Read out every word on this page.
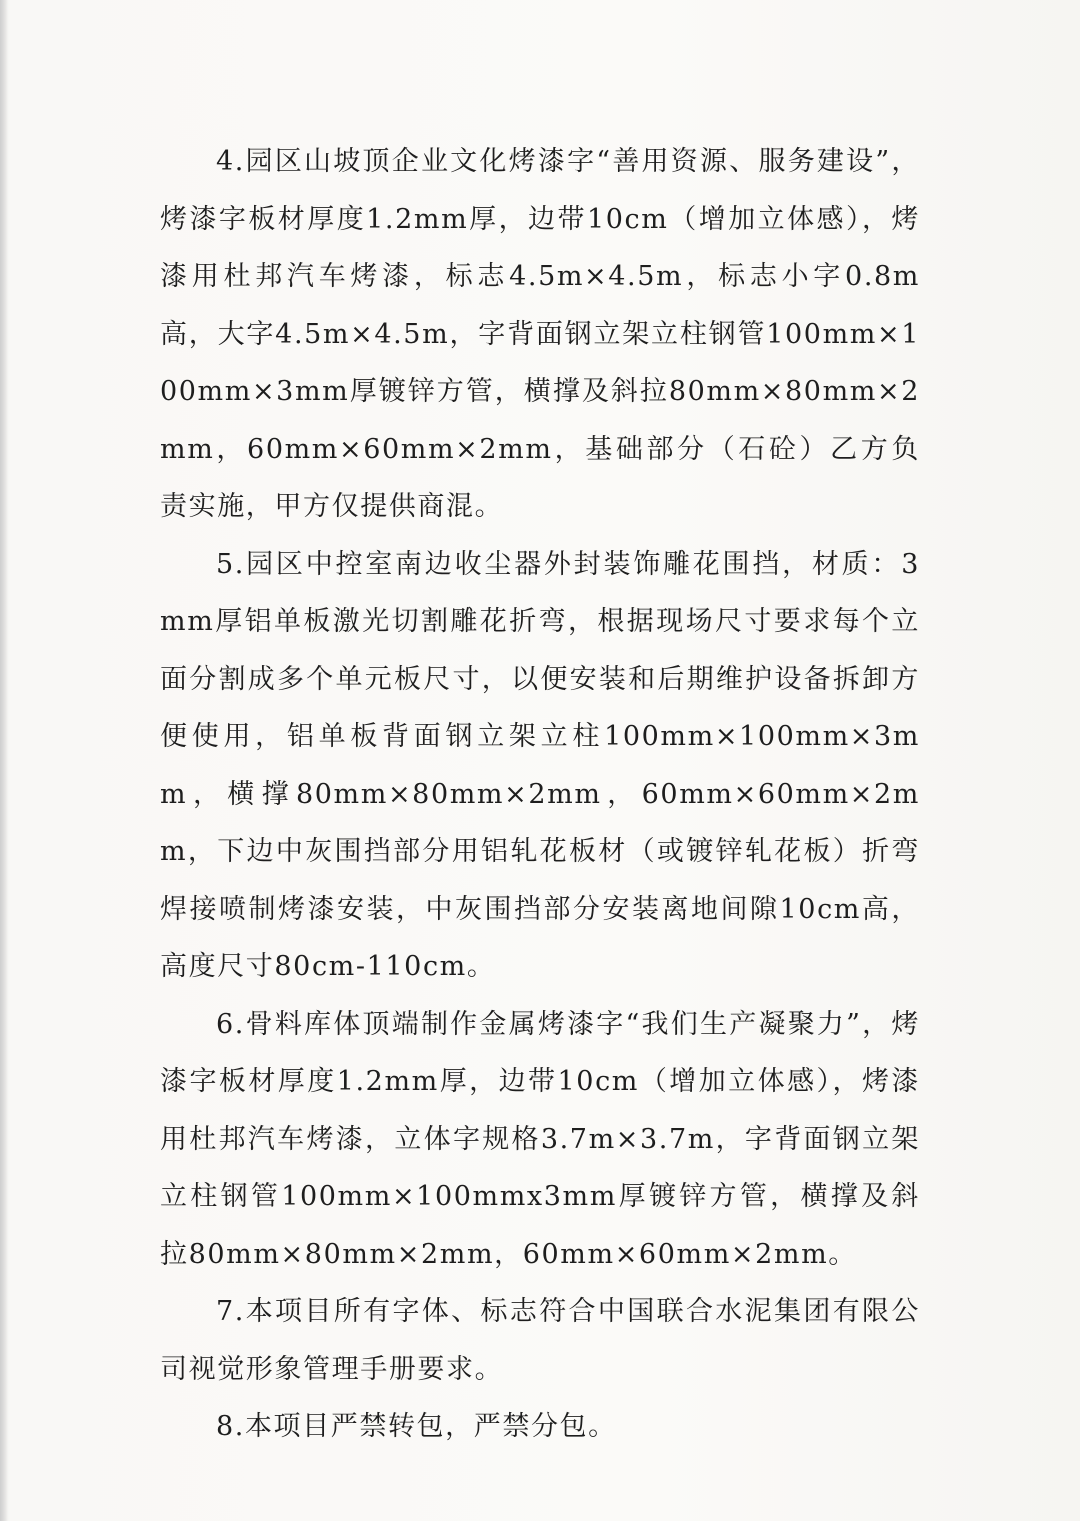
4.园区山坡顶企业文化烤漆字“善用资源、服务建设”，烤漆字板材厚度1.2mm厚，边带10cm（增加立体感），烤漆用杜邦汽车烤漆，标志4.5m×4.5m，标志小字0.8m高，大字4.5m×4.5m，字背面钢立架立柱钢管100mm×100mm×3mm厚镀锌方管，横撑及斜拉80mm×80mm×2mm，60mm×60mm×2mm，基础部分（石砼）乙方负责实施，甲方仅提供商混。

5.园区中控室南边收尘器外封装饰雕花围挡，材质：3mm厚铝单板激光切割雕花折弯，根据现场尺寸要求每个立面分割成多个单元板尺寸，以便安装和后期维护设备拆卸方便使用，铝单板背面钢立架立柱100mm×100mm×3mm，横撑80mm×80mm×2mm，60mm×60mm×2mm，下边中灰围挡部分用铝轧花板材（或镀锌轧花板）折弯焊接喷制烤漆安装，中灰围挡部分安装离地间隙10cm高，高度尺寸80cm-110cm。

6.骨料库体顶端制作金属烤漆字“我们生产凝聚力”，烤漆字板材厚度1.2mm厚，边带10cm（增加立体感），烤漆用杜邦汽车烤漆，立体字规格3.7m×3.7m，字背面钢立架立柱钢管100mm×100mmx3mm厚镀锌方管，横撑及斜拉80mm×80mm×2mm，60mm×60mm×2mm。

7.本项目所有字体、标志符合中国联合水泥集团有限公司视觉形象管理手册要求。

8.本项目严禁转包，严禁分包。
